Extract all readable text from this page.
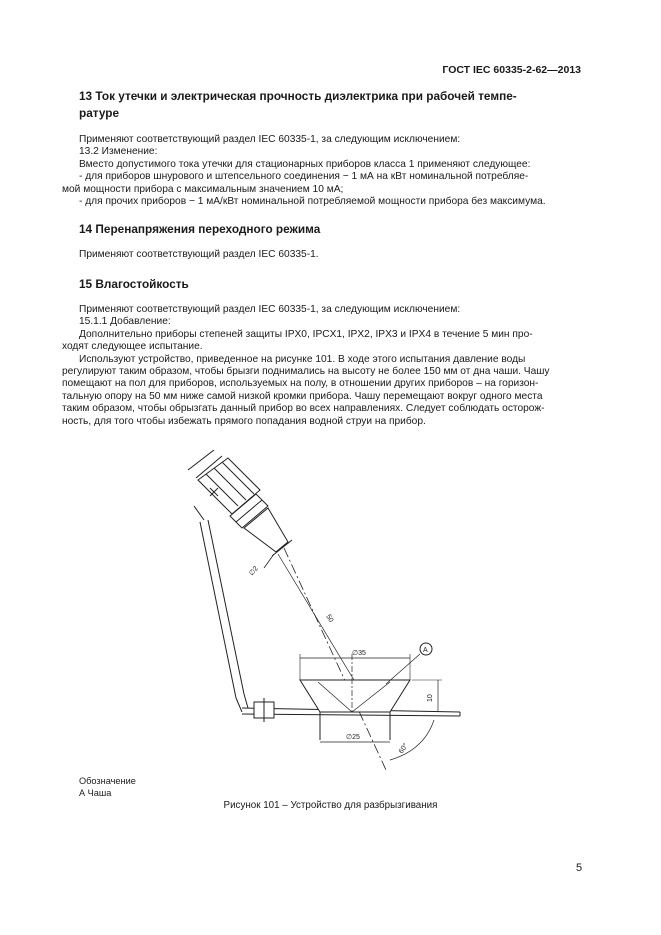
ГОСТ IEC 60335-2-62—2013
13 Ток утечки и электрическая прочность диэлектрика при рабочей темпе-
ратуре
Применяют соответствующий раздел IEC 60335-1, за следующим исключением:
13.2 Изменение:
Вместо допустимого тока утечки для стационарных приборов класса 1 применяют следующее:
- для приборов шнурового и штепсельного соединения − 1 мА на кВт номинальной потребляе-
мой мощности прибора с максимальным значением 10 мА;
- для прочих приборов − 1 мА/кВт номинальной потребляемой мощности прибора без максимума.
14 Перенапряжения переходного режима
Применяют соответствующий раздел IEC 60335-1.
15 Влагостойкость
Применяют соответствующий раздел IEC 60335-1, за следующим исключением:
15.1.1 Добавление:
Дополнительно приборы степеней защиты IPX0, IPCX1, IPX2, IPX3 и IPX4 в течение 5 мин про-
ходят следующее испытание.
Используют устройство, приведенное на рисунке 101. В ходе этого испытания давление воды
регулируют таким образом, чтобы брызги поднимались на высоту не более 150 мм от дна чаши. Чашу
помещают на пол для приборов, используемых на полу, в отношении других приборов – на горизон-
тальную опору на 50 мм ниже самой низкой кромки прибора. Чашу перемещают вокруг одного места
таким образом, чтобы обрызгать данный прибор во всех направлениях. Следует соблюдать осторож-
ность, для того чтобы избежать прямого попадания водной струи на прибор.
∅2
50
∅35
∅25
10
60°
A
Обозначение
А Чаша
Рисунок 101 – Устройство для разбрызгивания
5
